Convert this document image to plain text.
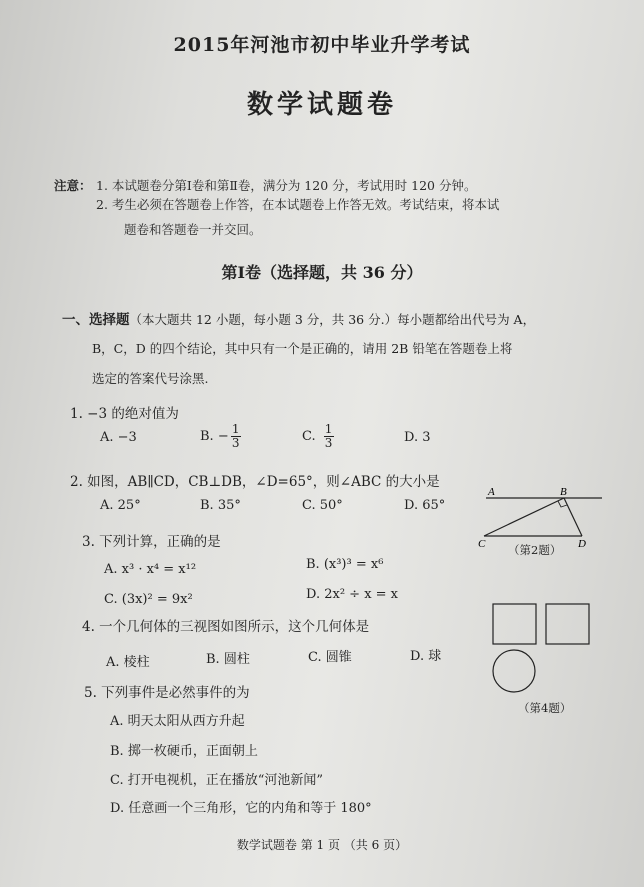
2015年河池市初中毕业升学考试
数学试题卷
注意： 1. 本试题卷分第Ⅰ卷和第Ⅱ卷，满分为 120 分，考试用时 120 分钟。
2. 考生必须在答题卷上作答，在本试题卷上作答无效。考试结束，将本试
题卷和答题卷一并交回。
第Ⅰ卷（选择题，共 36 分）
一、选择题（本大题共 12 小题，每小题 3 分，共 36 分.）每小题都给出代号为 A，
B，C，D 的四个结论，其中只有一个是正确的，请用 2B 铅笔在答题卷上将
选定的答案代号涂黑.
1. −3 的绝对值为
A. −3	B. − $\frac{1}{3}$	C. $\frac{1}{3}$	D. 3
2. 如图，AB∥CD，CB⊥DB，∠D=65°，则∠ABC 的大小是
A. 25°	B. 35°	C. 50°	D. 65°
3. 下列计算，正确的是
A. x³ · x⁴ = x¹²	B. (x³)³ = x⁶
C. (3x)² = 9x²	D. 2x² ÷ x = x
4. 一个几何体的三视图如图所示，这个几何体是
A. 棱柱	B. 圆柱	C. 圆锥	D. 球
5. 下列事件是必然事件的为
A. 明天太阳从西方升起
B. 掷一枚硬币，正面朝上
C. 打开电视机，正在播放“河池新闻”
D. 任意画一个三角形，它的内角和等于 180°
A	B
C	D
（第2题）
（第4题）
数学试题卷 第 1 页 （共 6 页）
